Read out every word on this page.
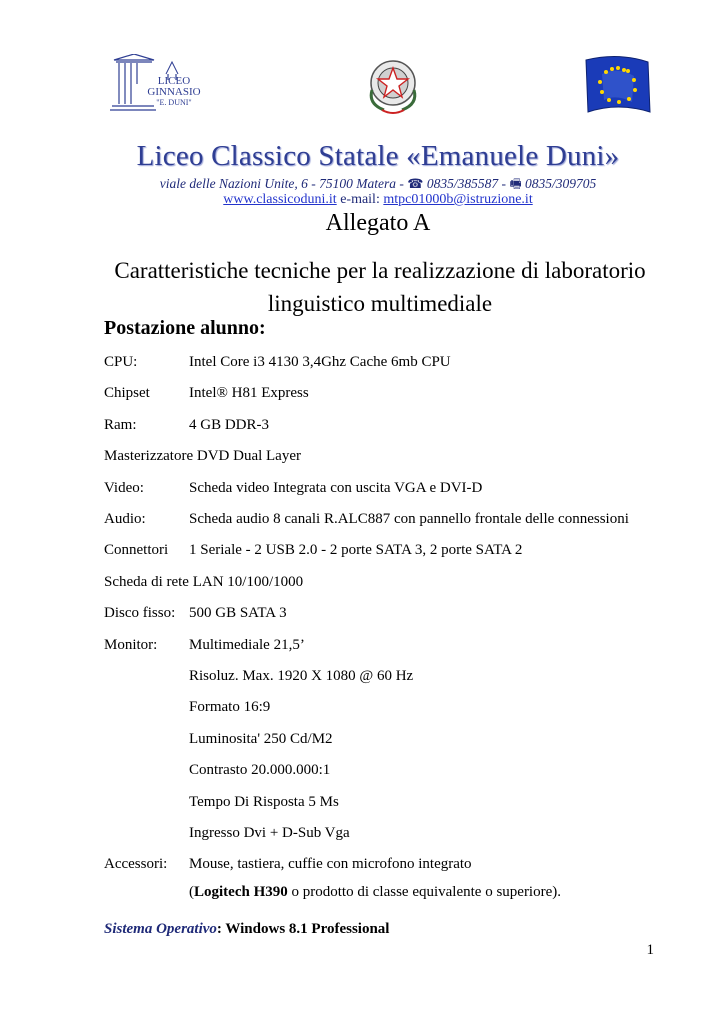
LICEO
GINNASIO
"E. DUNI"
Liceo Classico Statale «Emanuele Duni»
viale delle Nazioni Unite, 6 - 75100 Matera - ☎ 0835/385587 - 🖷 0835/309705
www.classicoduni.it e-mail: mtpc01000b@istruzione.it
Allegato A
Caratteristiche tecniche per la realizzazione di laboratorio linguistico multimediale
Postazione alunno:
CPU:	Intel Core i3 4130 3,4Ghz Cache 6mb CPU
Chipset	Intel® H81 Express
Ram:	4 GB DDR-3
Masterizzatore DVD Dual Layer
Video:	Scheda video Integrata con uscita VGA e DVI-D
Audio:	Scheda audio 8 canali R.ALC887 con pannello frontale delle connessioni
Connettori 1 Seriale - 2 USB 2.0 - 2 porte SATA 3, 2 porte SATA 2
Scheda di rete LAN 10/100/1000
Disco fisso: 500 GB SATA 3
Monitor: Multimediale 21,5’
Risoluz. Max. 1920 X 1080 @ 60 Hz
Formato 16:9
Luminosita' 250 Cd/M2
Contrasto 20.000.000:1
Tempo Di Risposta 5 Ms
Ingresso Dvi + D-Sub Vga
Accessori: Mouse, tastiera, cuffie con microfono integrato
(Logitech H390 o prodotto di classe equivalente o superiore).
Sistema Operativo: Windows 8.1 Professional
1
